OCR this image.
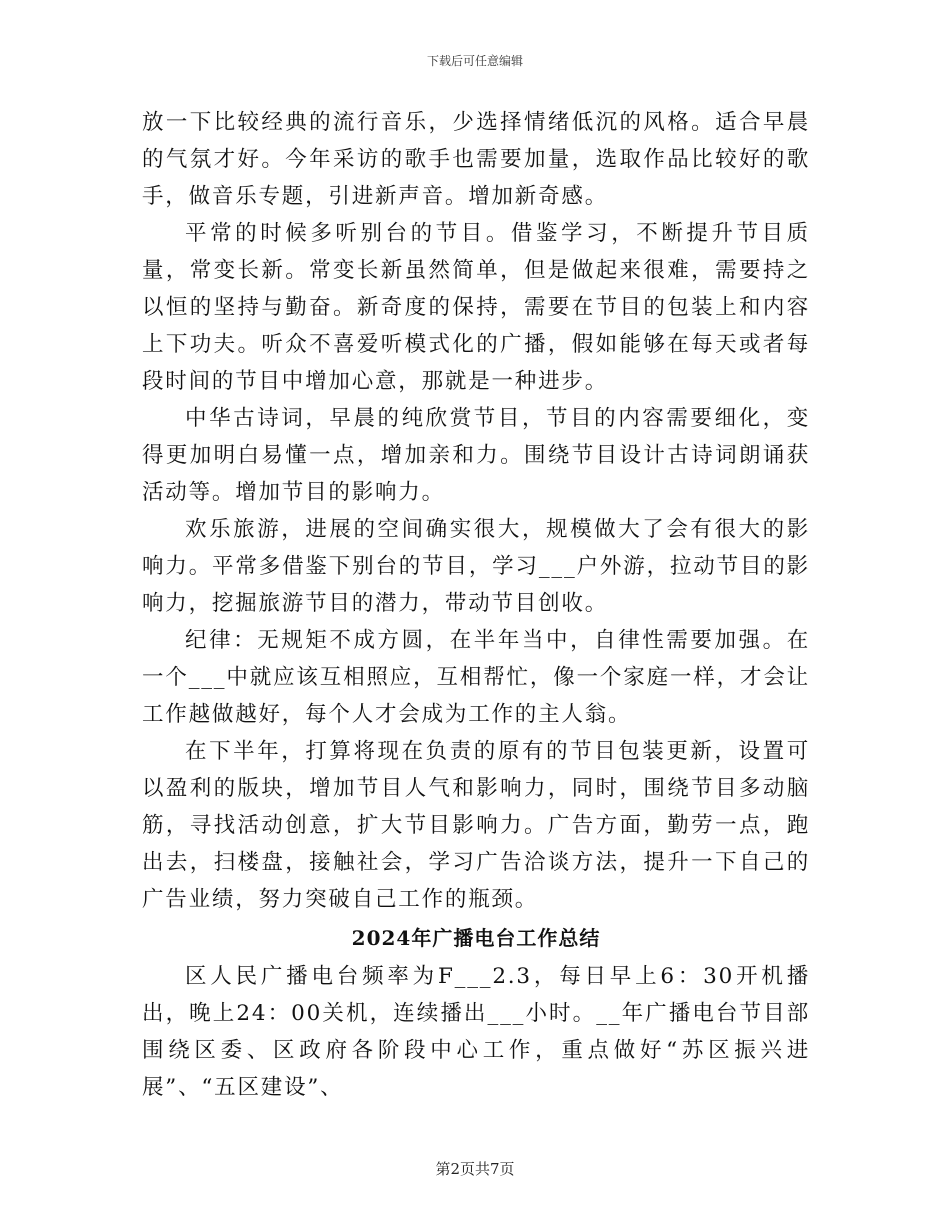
下载后可任意编辑

放一下比较经典的流行音乐，少选择情绪低沉的风格。适合早晨的气氛才好。今年采访的歌手也需要加量，选取作品比较好的歌手，做音乐专题，引进新声音。增加新奇感。

平常的时候多听别台的节目。借鉴学习，不断提升节目质量，常变长新。常变长新虽然简单，但是做起来很难，需要持之以恒的坚持与勤奋。新奇度的保持，需要在节目的包装上和内容上下功夫。听众不喜爱听模式化的广播，假如能够在每天或者每段时间的节目中增加心意，那就是一种进步。

中华古诗词，早晨的纯欣赏节目，节目的内容需要细化，变得更加明白易懂一点，增加亲和力。围绕节目设计古诗词朗诵获活动等。增加节目的影响力。

欢乐旅游，进展的空间确实很大，规模做大了会有很大的影响力。平常多借鉴下别台的节目，学习___户外游，拉动节目的影响力，挖掘旅游节目的潜力，带动节目创收。

纪律：无规矩不成方圆，在半年当中，自律性需要加强。在一个___中就应该互相照应，互相帮忙，像一个家庭一样，才会让工作越做越好，每个人才会成为工作的主人翁。

在下半年，打算将现在负责的原有的节目包装更新，设置可以盈利的版块，增加节目人气和影响力，同时，围绕节目多动脑筋，寻找活动创意，扩大节目影响力。广告方面，勤劳一点，跑出去，扫楼盘，接触社会，学习广告洽谈方法，提升一下自己的广告业绩，努力突破自己工作的瓶颈。

2024年广播电台工作总结

区人民广播电台频率为F___2.3，每日早上6：30开机播出，晚上24：00关机，连续播出___小时。__年广播电台节目部围绕区委、区政府各阶段中心工作，重点做好“苏区振兴进展”、“五区建设”、

第2页共7页
